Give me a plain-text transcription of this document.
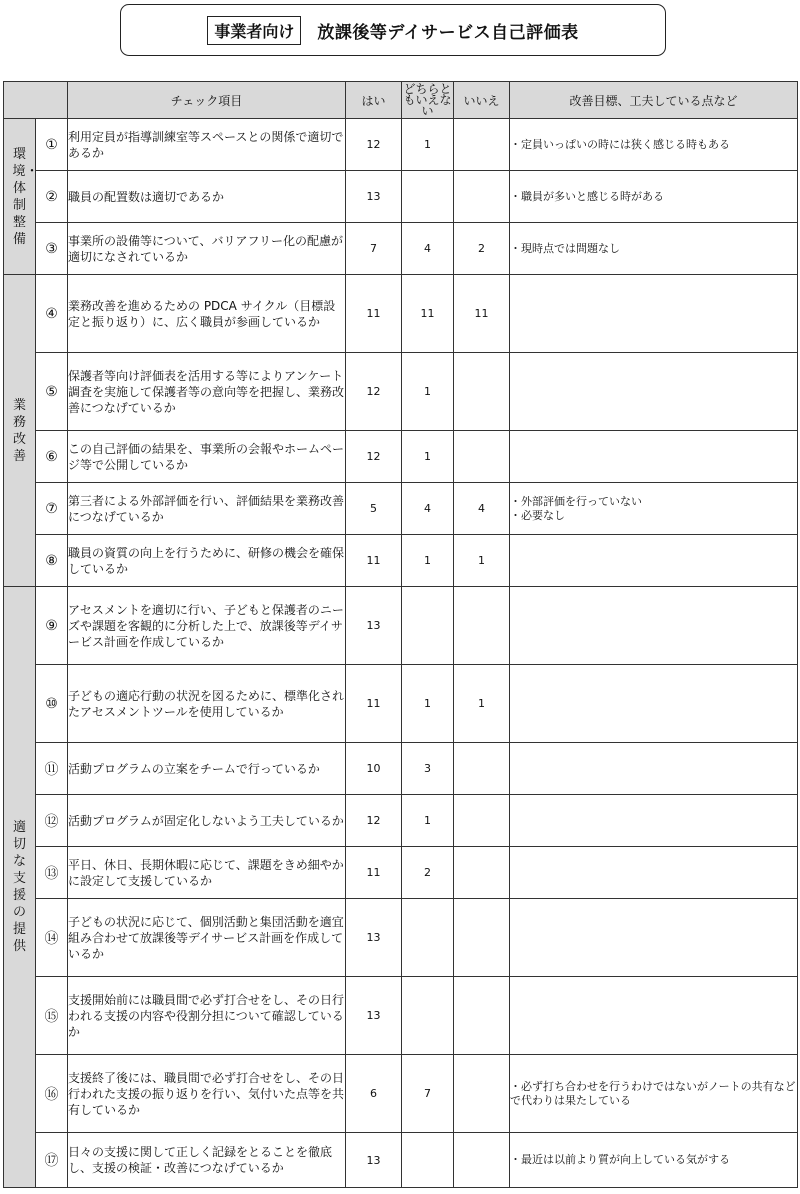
事業者向け	放課後等デイサービス自己評価表
		チェック項目	はい	どちらともいえない	いいえ	改善目標、工夫している点など
環境・体制整備	①	利用定員が指導訓練室等スペースとの関係で適切であるか	12	1		・定員いっぱいの時には狭く感じる時もある
	②	職員の配置数は適切であるか	13			・職員が多いと感じる時がある
	③	事業所の設備等について、バリアフリー化の配慮が適切になされているか	7	4	2	・現時点では問題なし
業務改善	④	業務改善を進めるための PDCA サイクル（目標設定と振り返り）に、広く職員が参画しているか	11	11	11	
	⑤	保護者等向け評価表を活用する等によりアンケート調査を実施して保護者等の意向等を把握し、業務改善につなげているか	12	1		
	⑥	この自己評価の結果を、事業所の会報やホームページ等で公開しているか	12	1		
	⑦	第三者による外部評価を行い、評価結果を業務改善につなげているか	5	4	4	・外部評価を行っていない
・必要なし
	⑧	職員の資質の向上を行うために、研修の機会を確保しているか	11	1	1	
適切な支援の提供	⑨	アセスメントを適切に行い、子どもと保護者のニーズや課題を客観的に分析した上で、放課後等デイサービス計画を作成しているか	13			
	⑩	子どもの適応行動の状況を図るために、標準化されたアセスメントツールを使用しているか	11	1	1	
	⑪	活動プログラムの立案をチームで行っているか	10	3		
	⑫	活動プログラムが固定化しないよう工夫しているか	12	1		
	⑬	平日、休日、長期休暇に応じて、課題をきめ細やかに設定して支援しているか	11	2		
	⑭	子どもの状況に応じて、個別活動と集団活動を適宜組み合わせて放課後等デイサービス計画を作成しているか	13			
	⑮	支援開始前には職員間で必ず打合せをし、その日行われる支援の内容や役割分担について確認しているか	13			
	⑯	支援終了後には、職員間で必ず打合せをし、その日行われた支援の振り返りを行い、気付いた点等を共有しているか	6	7		・必ず打ち合わせを行うわけではないがノートの共有などで代わりは果たしている
	⑰	日々の支援に関して正しく記録をとることを徹底し、支援の検証・改善につなげているか	13			・最近は以前より質が向上している気がする
